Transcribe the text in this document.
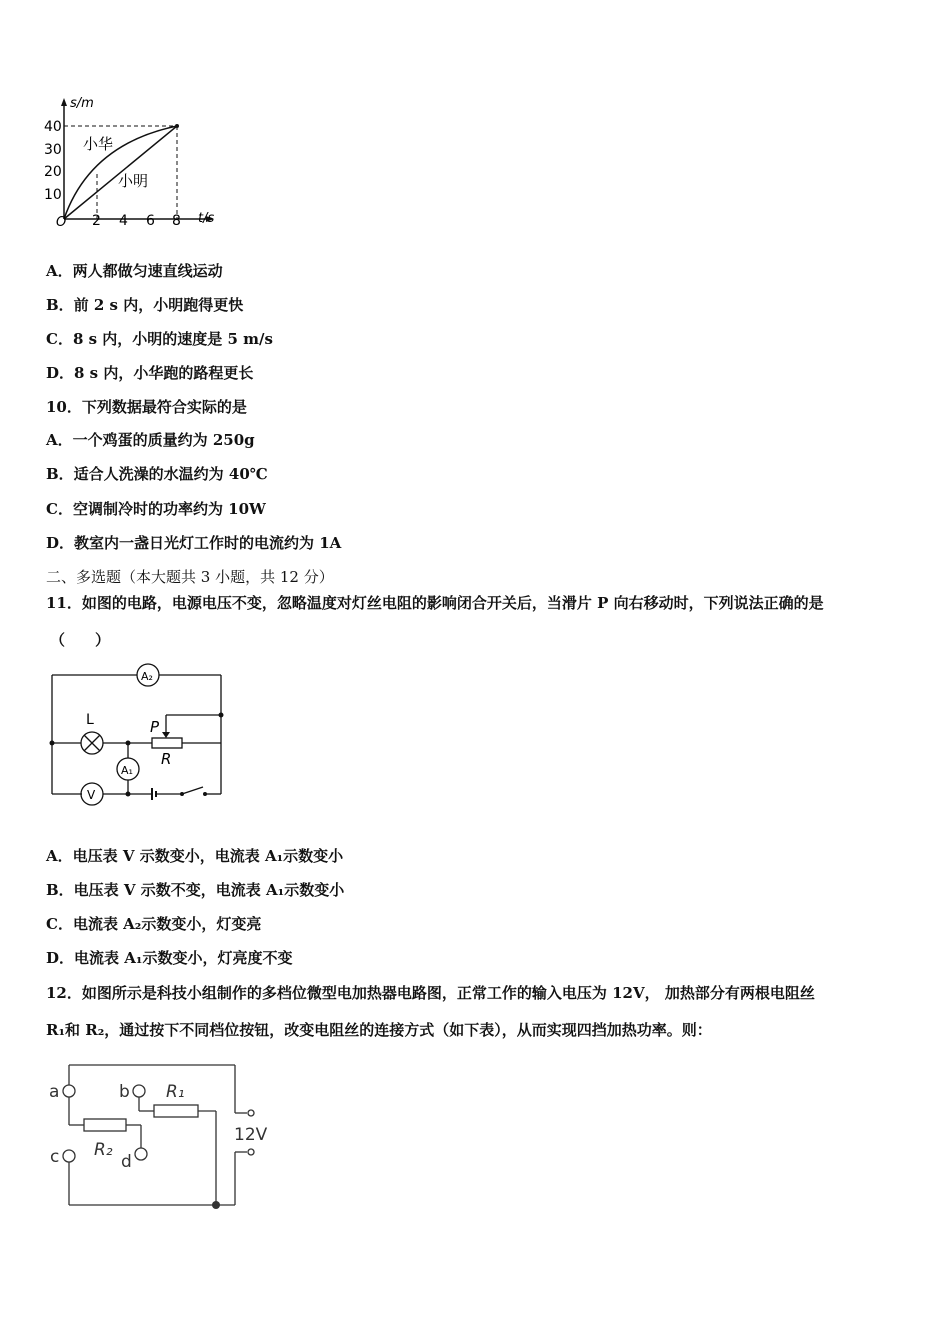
s/m
t/s
O
40
30
20
10
2 4 6 8
小华
小明
A．两人都做匀速直线运动
B．前 2 s 内，小明跑得更快
C．8 s 内，小明的速度是 5 m/s
D．8 s 内，小华跑的路程更长
10．下列数据最符合实际的是
A．一个鸡蛋的质量约为 250g
B．适合人洗澡的水温约为 40℃
C．空调制冷时的功率约为 10W
D．教室内一盏日光灯工作时的电流约为 1A
二、多选题（本大题共 3 小题，共 12 分）
11．如图的电路，电源电压不变，忽略温度对灯丝电阻的影响闭合开关后，当滑片 P 向右移动时，下列说法正确的是
（　　）
A₂
A₁
V
L	P
R
A．电压表 V 示数变小，电流表 A₁示数变小
B．电压表 V 示数不变，电流表 A₁示数变小
C．电流表 A₂示数变小，灯变亮
D．电流表 A₁示数变小，灯亮度不变
12．如图所示是科技小组制作的多档位微型电加热器电路图，正常工作的输入电压为 12V， 加热部分有两根电阻丝
R₁和 R₂，通过按下不同档位按钮，改变电阻丝的连接方式（如下表），从而实现四挡加热功率。则：
a	b
c	d
R₁
R₂
12V
